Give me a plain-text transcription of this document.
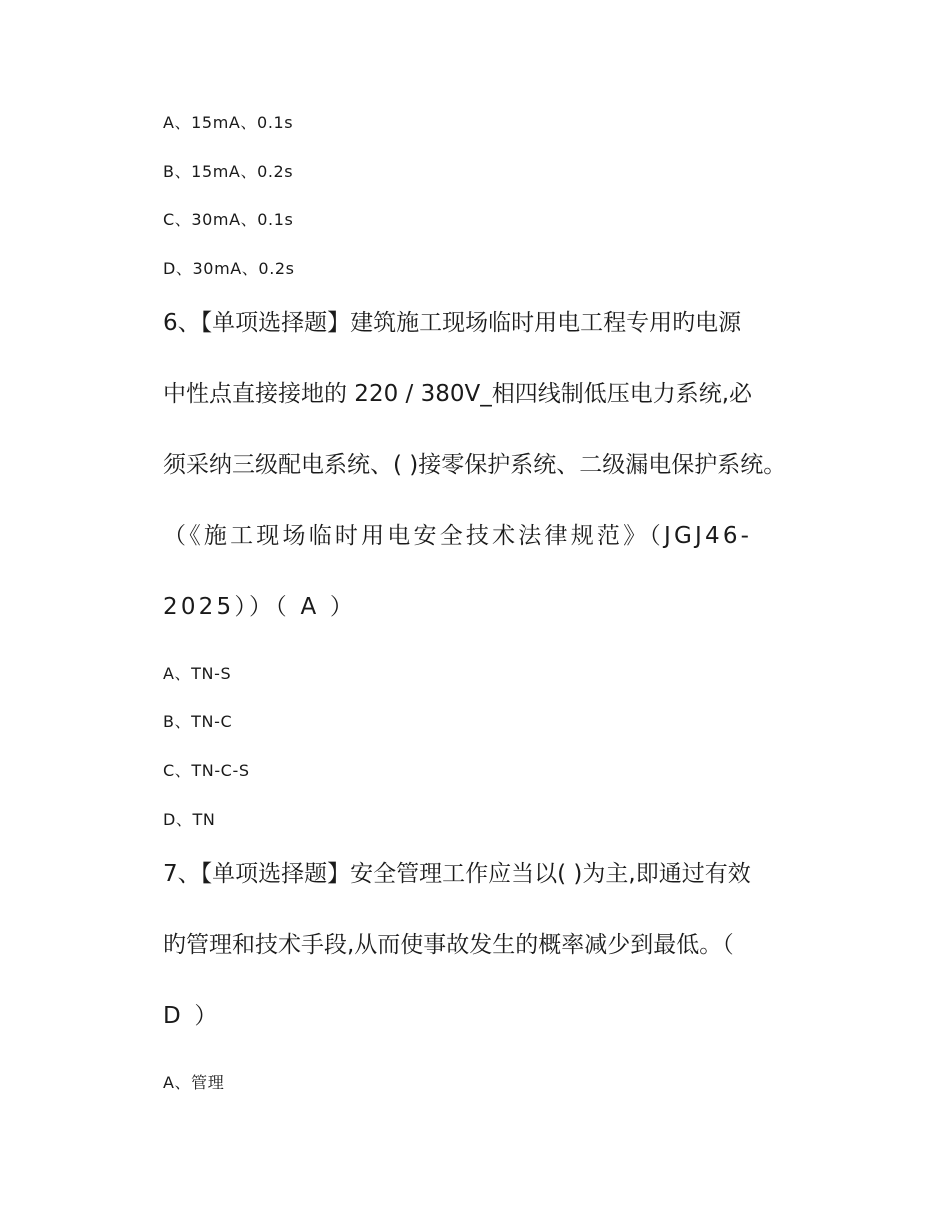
A、15mA、0.1s
B、15mA、0.2s
C、30mA、0.1s
D、30mA、0.2s
6、【单项选择题】建筑施工现场临时用电工程专用旳电源
中性点直接接地的 220 / 380V_相四线制低压电力系统,必
须采纳三级配电系统、( )接零保护系统、二级漏电保护系统。
（《施工现场临时用电安全技术法律规范》（JGJ46-
2025））（ A ）
A、TN-S
B、TN-C
C、TN-C-S
D、TN
7、【单项选择题】安全管理工作应当以( )为主,即通过有效
旳管理和技术手段,从而使事故发生的概率减少到最低。（
D ）
A、管理
